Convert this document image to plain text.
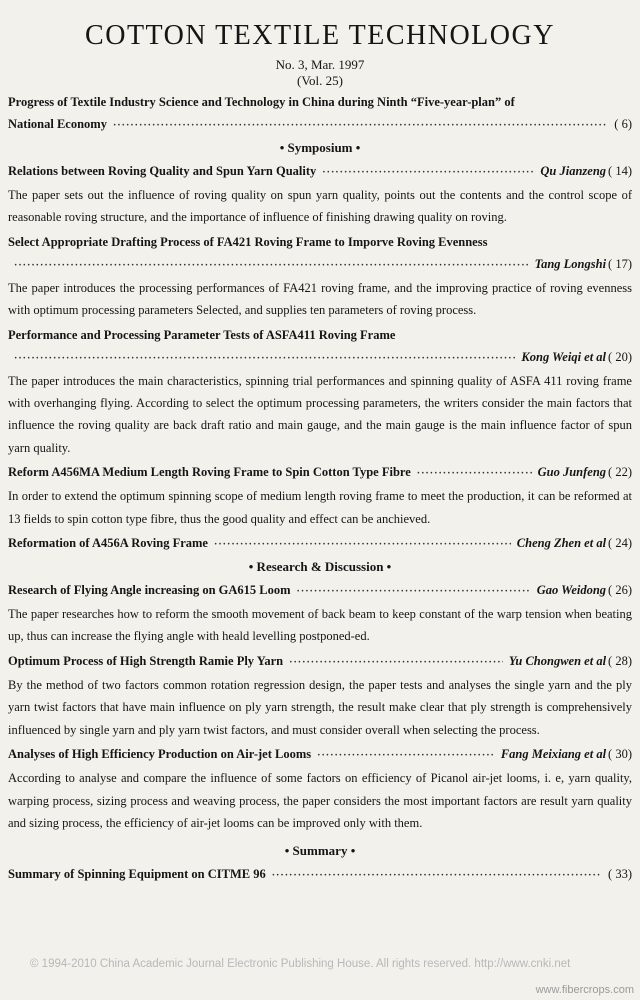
COTTON TEXTILE TECHNOLOGY
No. 3, Mar. 1997
(Vol. 25)
Progress of Textile Industry Science and Technology in China during Ninth “Five-year-plan” of
National Economy ·····	( 6)
• Symposium •
Relations between Roving Quality and Spun Yarn Quality ·····	Qu Jianzeng ( 14)

The paper sets out the influence of roving quality on spun yarn quality, points out the contents and the control scope of reasonable roving structure, and the importance of influence of finishing drawing quality on roving.

Select Appropriate Drafting Process of FA421 Roving Frame to Imporve Roving Evenness
·····
Tang Longshi ( 17)

The paper introduces the processing performances of FA421 roving frame, and the improving practice of roving evenness with optimum processing parameters Selected, and supplies ten parameters of roving process.

Performance and Processing Parameter Tests of ASFA411 Roving Frame
·····
Kong Weiqi et al ( 20)

The paper introduces the main characteristics, spinning trial performances and spinning quality of ASFA 411 roving frame with overhanging flying. According to select the optimum processing parameters, the writers consider the main factors that influence the roving quality are back draft ratio and main gauge, and the main gauge is the main influence factor of spun yarn quality.

Reform A456MA Medium Length Roving Frame to Spin Cotton Type Fibre ·····	Guo Junfeng ( 22)

In order to extend the optimum spinning scope of medium length roving frame to meet the production, it can be reformed at 13 fields to spin cotton type fibre, thus the good quality and effect can be anchieved.

Reformation of A456A Roving Frame ·····	Cheng Zhen et al ( 24)
• Research & Discussion •
Research of Flying Angle increasing on GA615 Loom ·····	Gao Weidong ( 26)

The paper researches how to reform the smooth movement of back beam to keep constant of the warp tension when beating up, thus can increase the flying angle with heald levelling postponed-ed.

Optimum Process of High Strength Ramie Ply Yarn ·····	Yu Chongwen et al ( 28)

By the method of two factors common rotation regression design, the paper tests and analyses the single yarn and the ply yarn twist factors that have main influence on ply yarn strength, the result make clear that ply strength is comprehensively influenced by single yarn and ply yarn twist factors, and must consider overall when selecting the process.

Analyses of High Efficiency Production on Air-jet Looms ·····	Fang Meixiang et al ( 30)

According to analyse and compare the influence of some factors on efficiency of Picanol air-jet looms, i. e, yarn quality, warping process, sizing process and weaving process, the paper considers the most important factors are result yarn quality and sizing process, the efficiency of air-jet looms can be improved only with them.

• Summary •
Summary of Spinning Equipment on CITME 96 ·····	( 33)
© 1994-2010 China Academic Journal Electronic Publishing House. All rights reserved. http://www.cnki.net
www.fibercrops.com
